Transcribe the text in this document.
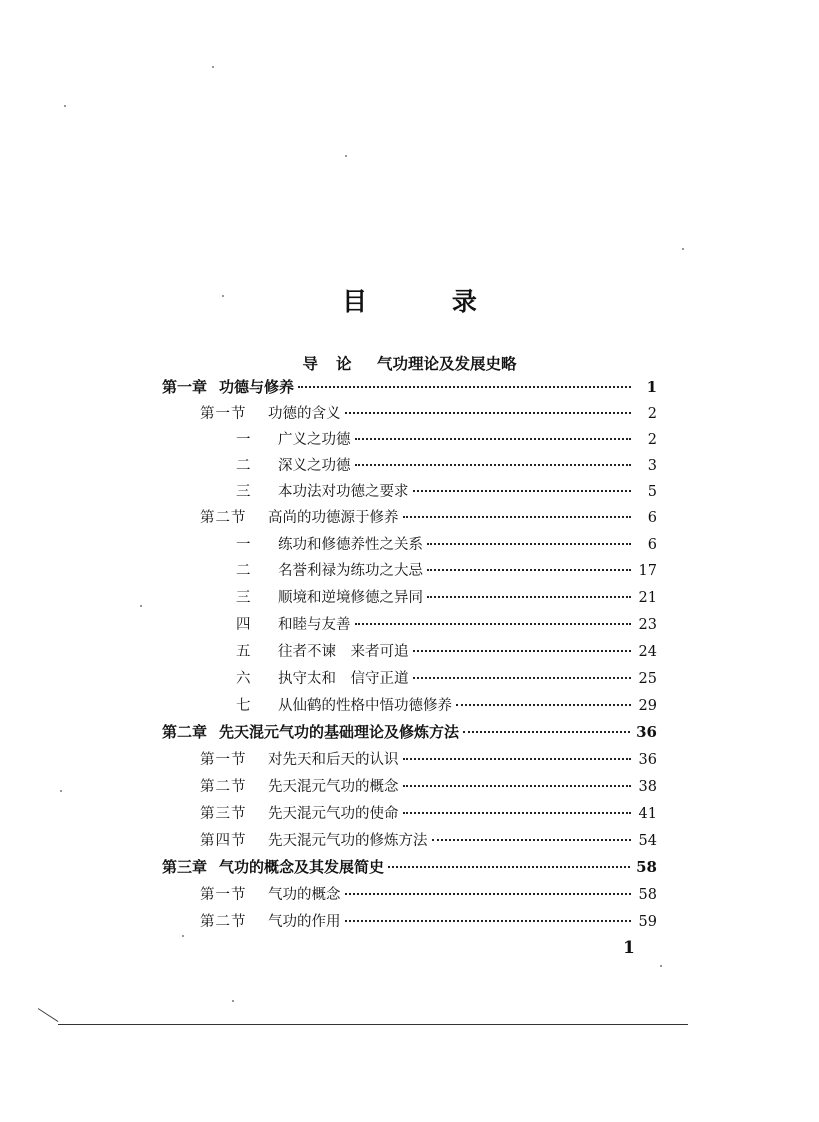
目 录
导论 气功理论及发展史略
第一章 功德与修养	1
第一节	功德的含义	2
一	广义之功德	2
二	深义之功德	3
三	本功法对功德之要求	5
第二节	高尚的功德源于修养	6
一	练功和修德养性之关系	6
二	名誉利禄为练功之大忌	17
三	顺境和逆境修德之异同	21
四	和睦与友善	23
五	往者不谏　来者可追	24
六	执守太和　信守正道	25
七	从仙鹤的性格中悟功德修养	29
第二章 先天混元气功的基础理论及修炼方法	36
第一节	对先天和后天的认识	36
第二节	先天混元气功的概念	38
第三节	先天混元气功的使命	41
第四节	先天混元气功的修炼方法	54
第三章 气功的概念及其发展简史	58
第一节	气功的概念	58
第二节	气功的作用	59
1
